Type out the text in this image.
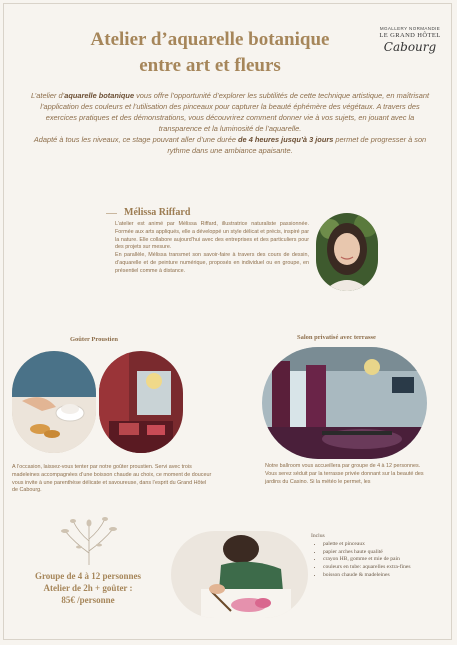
Atelier d’aquarelle botanique
entre art et fleurs
MGALLERY NORMANDIE
LE GRAND HÔTEL
Cabourg

L’atelier d’aquarelle botanique vous offre l’opportunité d’explorer les subtilités de cette technique artistique, en maîtrisant l’application des couleurs et l’utilisation des pinceaux pour capturer la beauté éphémère des végétaux. A travers des exercices pratiques et des démonstrations, vous découvrirez comment donner vie à vos sujets, en jouant avec la transparence et la luminosité de l’aquarelle.

Adapté à tous les niveaux, ce stage pouvant aller d’une durée de 4 heures jusqu’à 3 jours permet de progresser à son rythme dans une ambiance apaisante.

Mélissa Riffard

L’atelier est animé par Mélissa Riffard, illustratrice naturaliste passionnée. Formée aux arts appliqués, elle a développé un style délicat et précis, inspiré par la nature. Elle collabore aujourd’hui avec des entreprises et des particuliers pour des projets sur mesure.

En parallèle, Mélissa transmet son savoir-faire à travers des cours de dessin, d’aquarelle et de peinture numérique, proposés en individuel ou en groupe, en présentiel comme à distance.

Goûter Proustien
A l’occasion, laissez-vous tenter par notre goûter proustien. Servi avec trois madeleines accompagnées d’une boisson chaude au choix, ce moment de douceur vous invite à une parenthèse délicate et savoureuse, dans l’esprit du Grand Hôtel de Cabourg.
Salon privatisé avec terrasse
Notre ballroom vous accueillera par groupe de 4 à 12 personnes. Vous serez séduit par la terrasse privée donnant sur la beauté des jardins du Casino. Si la météo le permet, les
Groupe de 4 à 12 personnes
Atelier de 2h + goûter :
85€ /personne
Inclus
• palette et pinceaux
• papier arches haute qualité
• crayon HB, gomme et mie de pain
• couleurs en tube: aquarelles extra-fines
• boisson chaude & madeleines
